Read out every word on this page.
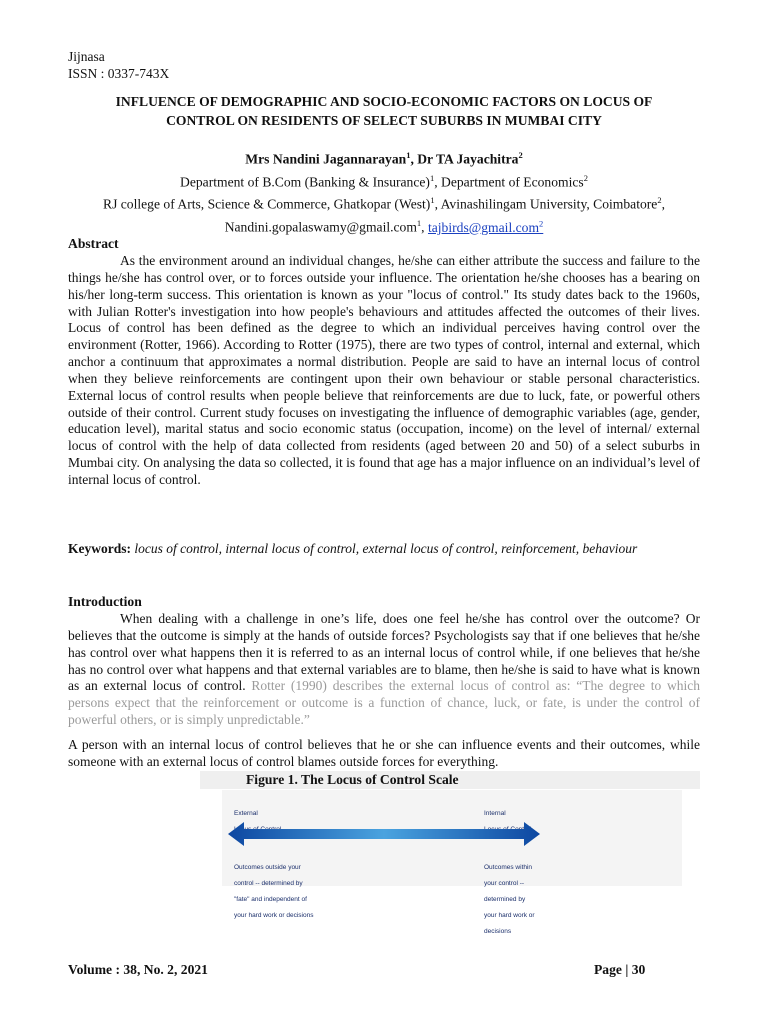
Jijnasa
ISSN : 0337-743X
INFLUENCE OF DEMOGRAPHIC AND SOCIO-ECONOMIC FACTORS ON LOCUS OF
CONTROL ON RESIDENTS OF SELECT SUBURBS IN MUMBAI CITY
Mrs Nandini Jagannarayan$^1$, Dr TA Jayachitra$^2$
Department of B.Com (Banking & Insurance)$^1$, Department of Economics$^2$
RJ college of Arts, Science & Commerce, Ghatkopar (West)$^1$, Avinashilingam University, Coimbatore$^2$,
Nandini.gopalaswamy@gmail.com$^1$, tajbirds@gmail.com$^2$
Abstract
As the environment around an individual changes, he/she can either attribute the success and failure to the things he/she has control over, or to forces outside your influence. The orientation he/she chooses has a bearing on his/her long-term success. This orientation is known as your "locus of control." Its study dates back to the 1960s, with Julian Rotter's investigation into how people's behaviours and attitudes affected the outcomes of their lives. Locus of control has been defined as the degree to which an individual perceives having control over the environment (Rotter, 1966). According to Rotter (1975), there are two types of control, internal and external, which anchor a continuum that approximates a normal distribution. People are said to have an internal locus of control when they believe reinforcements are contingent upon their own behaviour or stable personal characteristics. External locus of control results when people believe that reinforcements are due to luck, fate, or powerful others outside of their control. Current study focuses on investigating the influence of demographic variables (age, gender, education level), marital status and socio economic status (occupation, income) on the level of internal/ external locus of control with the help of data collected from residents (aged between 20 and 50) of a select suburbs in Mumbai city. On analysing the data so collected, it is found that age has a major influence on an individual’s level of internal locus of control.
Keywords: locus of control, internal locus of control, external locus of control, reinforcement, behaviour
Introduction
When dealing with a challenge in one’s life, does one feel he/she has control over the outcome? Or believes that the outcome is simply at the hands of outside forces? Psychologists say that if one believes that he/she has control over what happens then it is referred to as an internal locus of control while, if one believes that he/she has no control over what happens and that external variables are to blame, then he/she is said to have what is known as an external locus of control. Rotter (1990) describes the external locus of control as: “The degree to which persons expect that the reinforcement or outcome is a function of chance, luck, or fate, is under the control of powerful others, or is simply unpredictable.”
A person with an internal locus of control believes that he or she can influence events and their outcomes, while someone with an external locus of control blames outside forces for everything.
Figure 1. The Locus of Control Scale

External	Internal

Outcomes outside your

control -- determined by

"fate" and independent of

your hard work or decisions

Outcomes within

your control --

determined by

your hard work or

decisions

Volume : 38, No. 2, 2021	Page | 30
